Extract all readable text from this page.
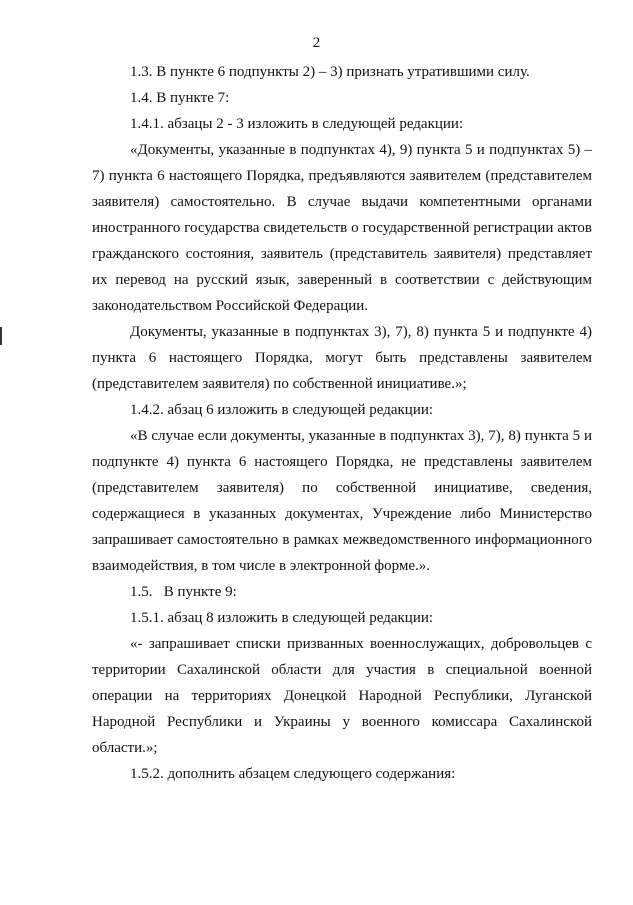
2

1.3. В пункте 6 подпункты 2) – 3) признать утратившими силу.

1.4. В пункте 7:

1.4.1. абзацы 2 - 3 изложить в следующей редакции:

«Документы, указанные в подпунктах 4), 9) пункта 5 и подпунктах 5) – 7) пункта 6 настоящего Порядка, предъявляются заявителем (представителем заявителя) самостоятельно. В случае выдачи компетентными органами иностранного государства свидетельств о государственной регистрации актов гражданского состояния, заявитель (представитель заявителя) представляет их перевод на русский язык, заверенный в соответствии с действующим законодательством Российской Федерации.

Документы, указанные в подпунктах 3), 7), 8) пункта 5 и подпункте 4) пункта 6 настоящего Порядка, могут быть представлены заявителем (представителем заявителя) по собственной инициативе.»;

1.4.2. абзац 6 изложить в следующей редакции:

«В случае если документы, указанные в подпунктах 3), 7), 8) пункта 5 и подпункте 4) пункта 6 настоящего Порядка, не представлены заявителем (представителем заявителя) по собственной инициативе, сведения, содержащиеся в указанных документах, Учреждение либо Министерство запрашивает самостоятельно в рамках межведомственного информационного взаимодействия, в том числе в электронной форме.».

1.5.   В пункте 9:

1.5.1. абзац 8 изложить в следующей редакции:

«- запрашивает списки призванных военнослужащих, добровольцев с территории Сахалинской области для участия в специальной военной операции на территориях Донецкой Народной Республики, Луганской Народной Республики и Украины у военного комиссара Сахалинской области.»;

1.5.2. дополнить абзацем следующего содержания:
